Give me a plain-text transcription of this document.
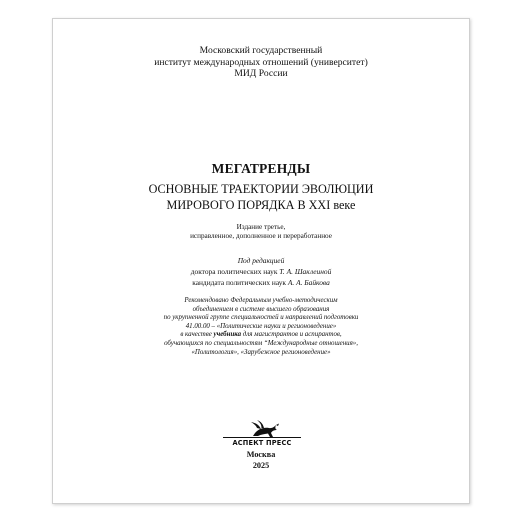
Московский государственный
институт международных отношений (университет)
МИД России
МЕГАТРЕНДЫ
ОСНОВНЫЕ ТРАЕКТОРИИ ЭВОЛЮЦИИ
МИРОВОГО ПОРЯДКА В XXI веке
Издание третье,
исправленное, дополненное и переработанное
Под редакцией
доктора политических наук Т. А. Шаклеиной
кандидата политических наук А. А. Байкова
Рекомендовано Федеральным учебно-методическим
объединением в системе высшего образования
по укрупненной группе специальностей и направлений подготовки
41.00.00 – «Политические науки и регионоведение»
в качестве учебника для магистрантов и аспирантов,
обучающихся по специальностям “Международные отношения»,
«Политология», «Зарубежное регионоведение»
АСПЕКТ ПРЕСС
Москва
2025
